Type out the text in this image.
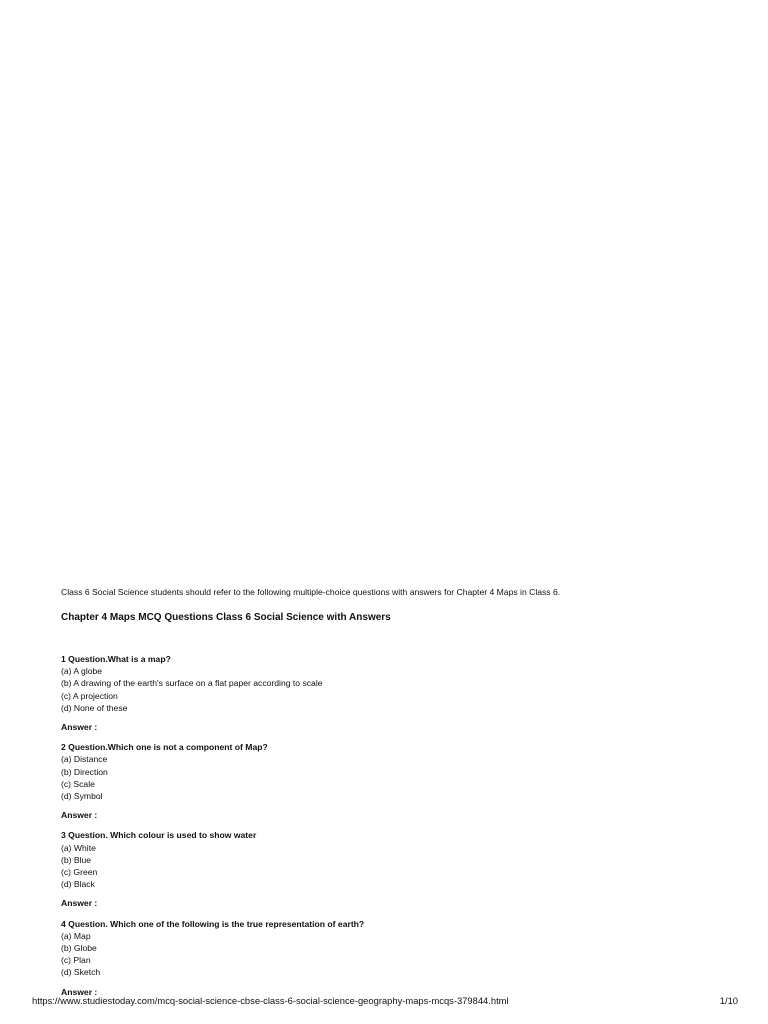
Class 6 Social Science students should refer to the following multiple-choice questions with answers for Chapter 4 Maps in Class 6.
Chapter 4 Maps MCQ Questions Class 6 Social Science with Answers
1 Question.What is a map?
(a) A globe
(b) A drawing of the earth's surface on a flat paper according to scale
(c) A projection
(d) None of these
Answer :
2 Question.Which one is not a component of Map?
(a) Distance
(b) Direction
(c) Scale
(d) Symbol
Answer :
3 Question. Which colour is used to show water
(a) White
(b) Blue
(c) Green
(d) Black
Answer :
4 Question. Which one of the following is the true representation of earth?
(a) Map
(b) Globe
(c) Plan
(d) Sketch
Answer :
https://www.studiestoday.com/mcq-social-science-cbse-class-6-social-science-geography-maps-mcqs-379844.html	1/10
